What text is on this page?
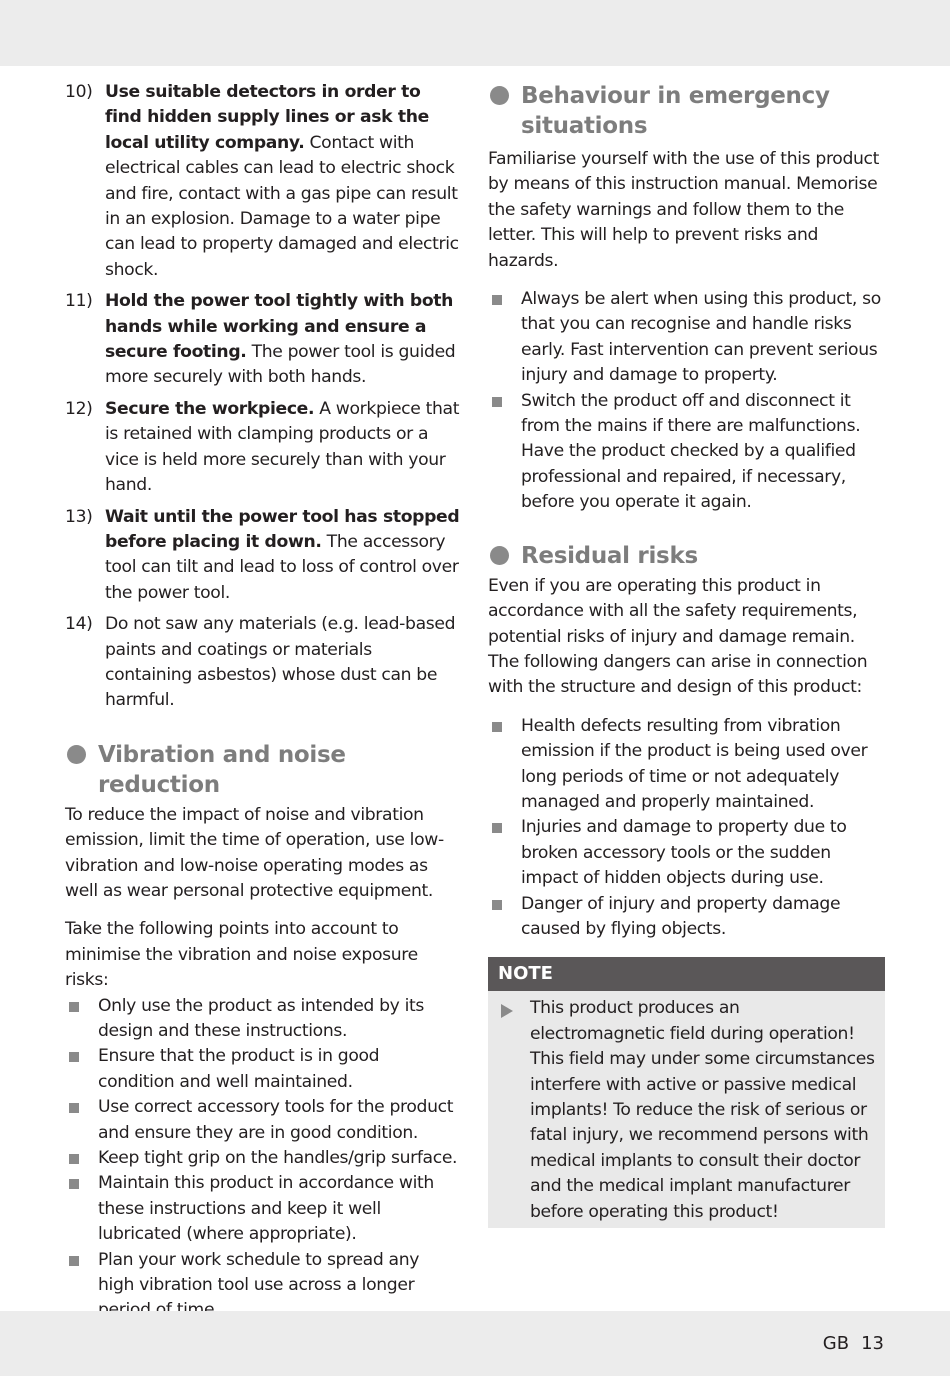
10) Use suitable detectors in order to find hidden supply lines or ask the local utility company. Contact with electrical cables can lead to electric shock and fire, contact with a gas pipe can result in an explosion. Damage to a water pipe can lead to property damaged and electric shock.
11) Hold the power tool tightly with both hands while working and ensure a secure footing. The power tool is guided more securely with both hands.
12) Secure the workpiece. A workpiece that is retained with clamping products or a vice is held more securely than with your hand.
13) Wait until the power tool has stopped before placing it down. The accessory tool can tilt and lead to loss of control over the power tool.
14) Do not saw any materials (e.g. lead-based paints and coatings or materials containing asbestos) whose dust can be harmful.
Vibration and noise reduction

To reduce the impact of noise and vibration emission, limit the time of operation, use low-vibration and low-noise operating modes as well as wear personal protective equipment.

Take the following points into account to minimise the vibration and noise exposure risks:

Only use the product as intended by its design and these instructions.
Ensure that the product is in good condition and well maintained.
Use correct accessory tools for the product and ensure they are in good condition.
Keep tight grip on the handles/grip surface.
Maintain this product in accordance with these instructions and keep it well lubricated (where appropriate).
Plan your work schedule to spread any high vibration tool use across a longer
Behaviour in emergency situations

Familiarise yourself with the use of this product by means of this instruction manual. Memorise the safety warnings and follow them to the letter. This will help to prevent risks and hazards.

Always be alert when using this product, so that you can recognise and handle risks early. Fast intervention can prevent serious injury and damage to property.
Switch the product off and disconnect it from the mains if there are malfunctions. Have the product checked by a qualified professional and repaired, if necessary, before you operate it again.
Residual risks

Even if you are operating this product in accordance with all the safety requirements, potential risks of injury and damage remain. The following dangers can arise in connection with the structure and design of this product:

Health defects resulting from vibration emission if the product is being used over long periods of time or not adequately managed and properly maintained.
Injuries and damage to property due to broken accessory tools or the sudden impact of hidden objects during use.
Danger of injury and property damage caused by flying objects.
NOTE
This product produces an electromagnetic field during operation! This field may under some circumstances interfere with active or passive medical implants! To reduce the risk of serious or fatal injury, we recommend persons with medical implants to consult their doctor and the medical implant manufacturer before operating this product!
GB 13
